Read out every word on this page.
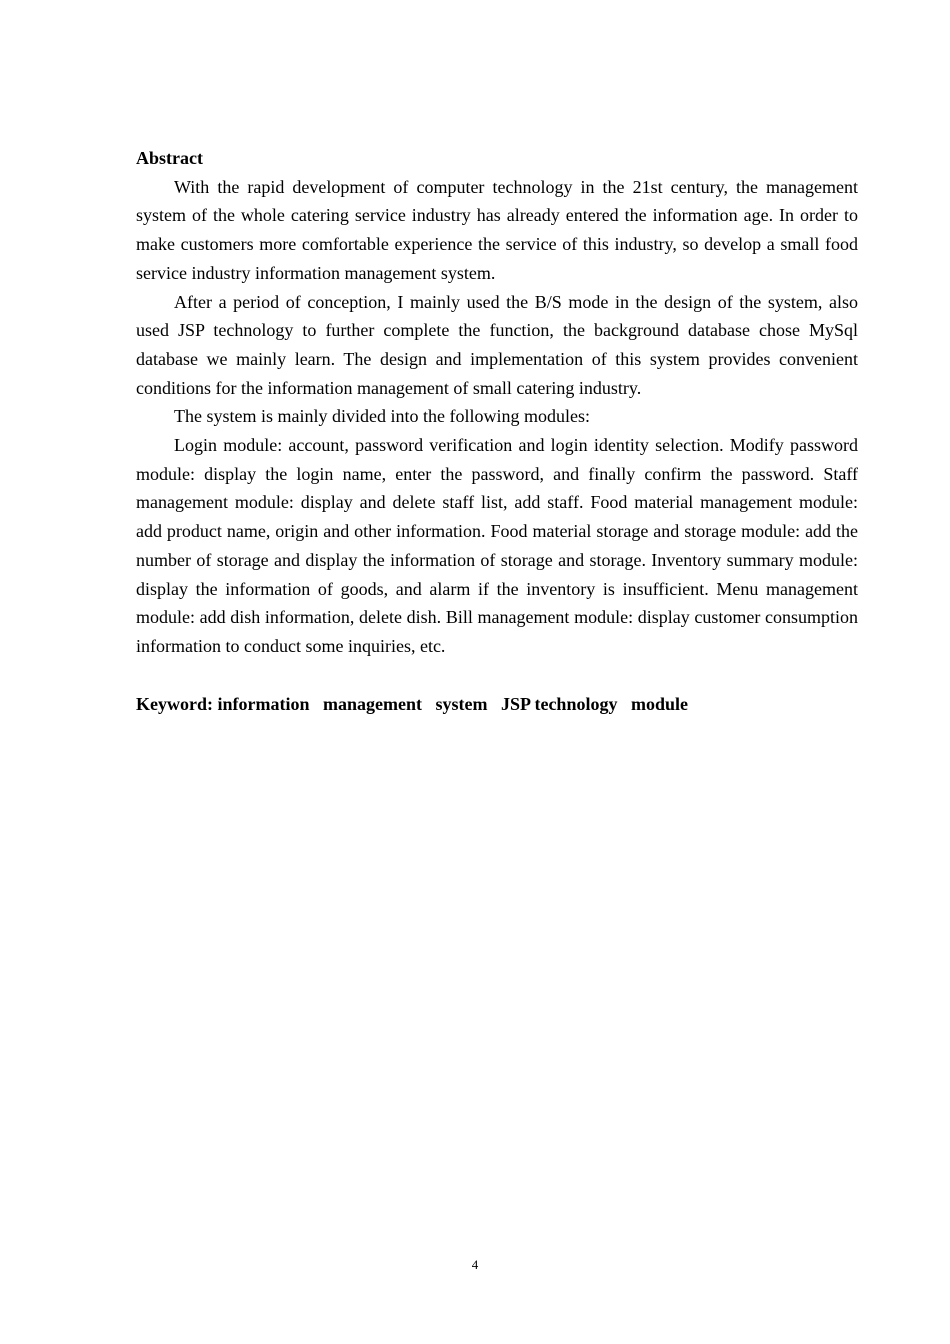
Abstract

With the rapid development of computer technology in the 21st century, the management system of the whole catering service industry has already entered the information age. In order to make customers more comfortable experience the service of this industry, so develop a small food service industry information management system.

After a period of conception, I mainly used the B/S mode in the design of the system, also used JSP technology to further complete the function, the background database chose MySql database we mainly learn. The design and implementation of this system provides convenient conditions for the information management of small catering industry.

The system is mainly divided into the following modules:

Login module: account, password verification and login identity selection. Modify password module: display the login name, enter the password, and finally confirm the password. Staff management module: display and delete staff list, add staff. Food material management module: add product name, origin and other information. Food material storage and storage module: add the number of storage and display the information of storage and storage. Inventory summary module: display the information of goods, and alarm if the inventory is insufficient. Menu management module: add dish information, delete dish. Bill management module: display customer consumption information to conduct some inquiries, etc.

Keyword: information   management   system   JSP technology   module

4
